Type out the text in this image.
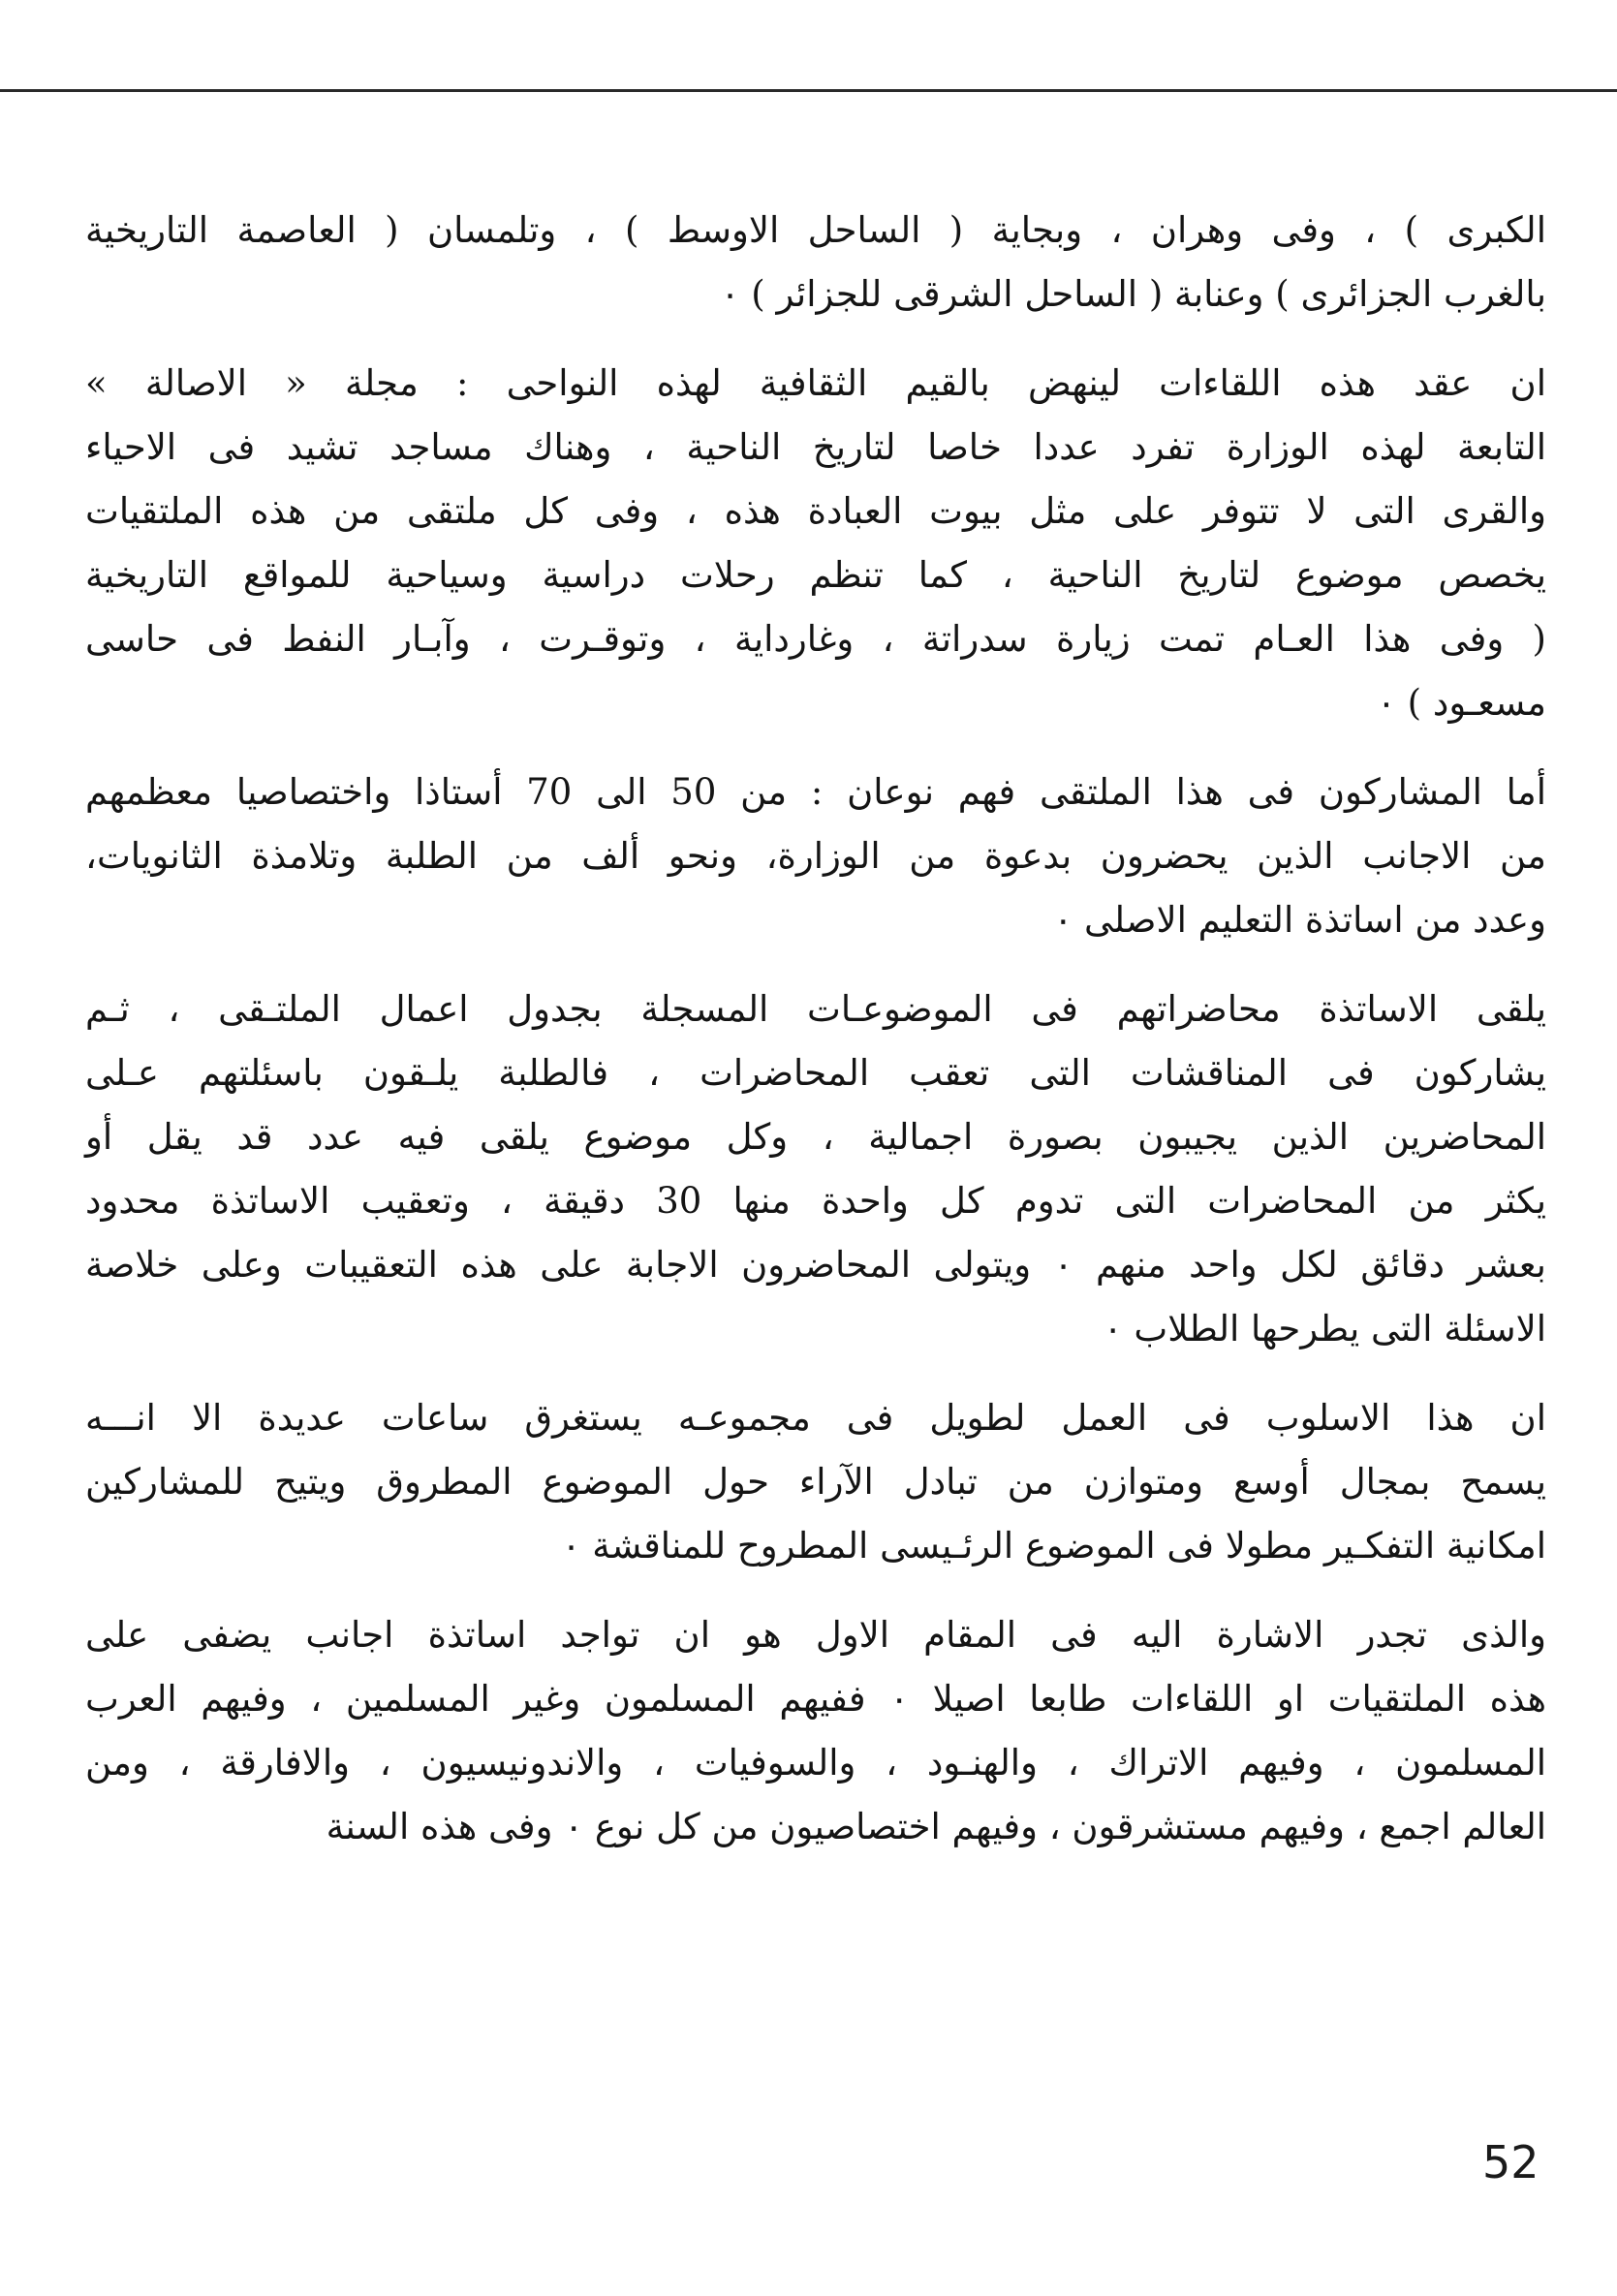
الكبرى ) ، وفى وهران ، وبجاية ( الساحل الاوسط ) ، وتلمسان ( العاصمة التاريخية
بالغرب الجزائرى ) وعنابة ( الساحل الشرقى للجزائر ) ٠
ان عقد هذه اللقاءات لينهض بالقيم الثقافية لهذه النواحى : مجلة « الاصالة »
التابعة لهذه الوزارة تفرد عددا خاصا لتاريخ الناحية ، وهناك مساجد تشيد فى الاحياء
والقرى التى لا تتوفر على مثل بيوت العبادة هذه ، وفى كل ملتقى من هذه الملتقيات
يخصص موضوع لتاريخ الناحية ، كما تنظم رحلات دراسية وسياحية للمواقع التاريخية
( وفى هذا العـام تمت زيارة سدراتة ، وغارداية ، وتوقـرت ، وآبـار النفط فى حاسى
مسعـود ) ٠
أما المشاركون فى هذا الملتقى فهم نوعان : من 50 الى 70 أستاذا واختصاصيا معظمهم
من الاجانب الذين يحضرون بدعوة من الوزارة، ونحو ألف من الطلبة وتلامذة الثانويات،
وعدد من اساتذة التعليم الاصلى ٠
يلقى الاساتذة محاضراتهم فى الموضوعـات المسجلة بجدول اعمال الملتـقى ، ثـم
يشاركون فى المناقشات التى تعقب المحاضرات ، فالطلبة يلـقون باسئلتهم عـلى
المحاضرين الذين يجيبون بصورة اجمالية ، وكل موضوع يلقى فيه عدد قد يقل أو
يكثر من المحاضرات التى تدوم كل واحدة منها 30 دقيقة ، وتعقيب الاساتذة محدود
بعشر دقائق لكل واحد منهم ٠ ويتولى المحاضرون الاجابة على هذه التعقيبات وعلى خلاصة
الاسئلة التى يطرحها الطلاب ٠
ان هذا الاسلوب فى العمل لطويل فى مجموعـه يستغرق ساعات عديدة الا انـــه
يسمح بمجال أوسع ومتوازن من تبادل الآراء حول الموضوع المطروق ويتيح للمشاركين
امكانية التفكـير مطولا فى الموضوع الرئـيسى المطروح للمناقشة ٠
والذى تجدر الاشارة اليه فى المقام الاول هو ان تواجد اساتذة اجانب يضفى على
هذه الملتقيات او اللقاءات طابعا اصيلا ٠ ففيهم المسلمون وغير المسلمين ، وفيهم العرب
المسلمون ، وفيهم الاتراك ، والهنـود ، والسوفيات ، والاندونيسيون ، والافارقة ، ومن
العالم اجمع ، وفيهم مستشرقون ، وفيهم اختصاصيون من كل نوع ٠ وفى هذه السنة
52
